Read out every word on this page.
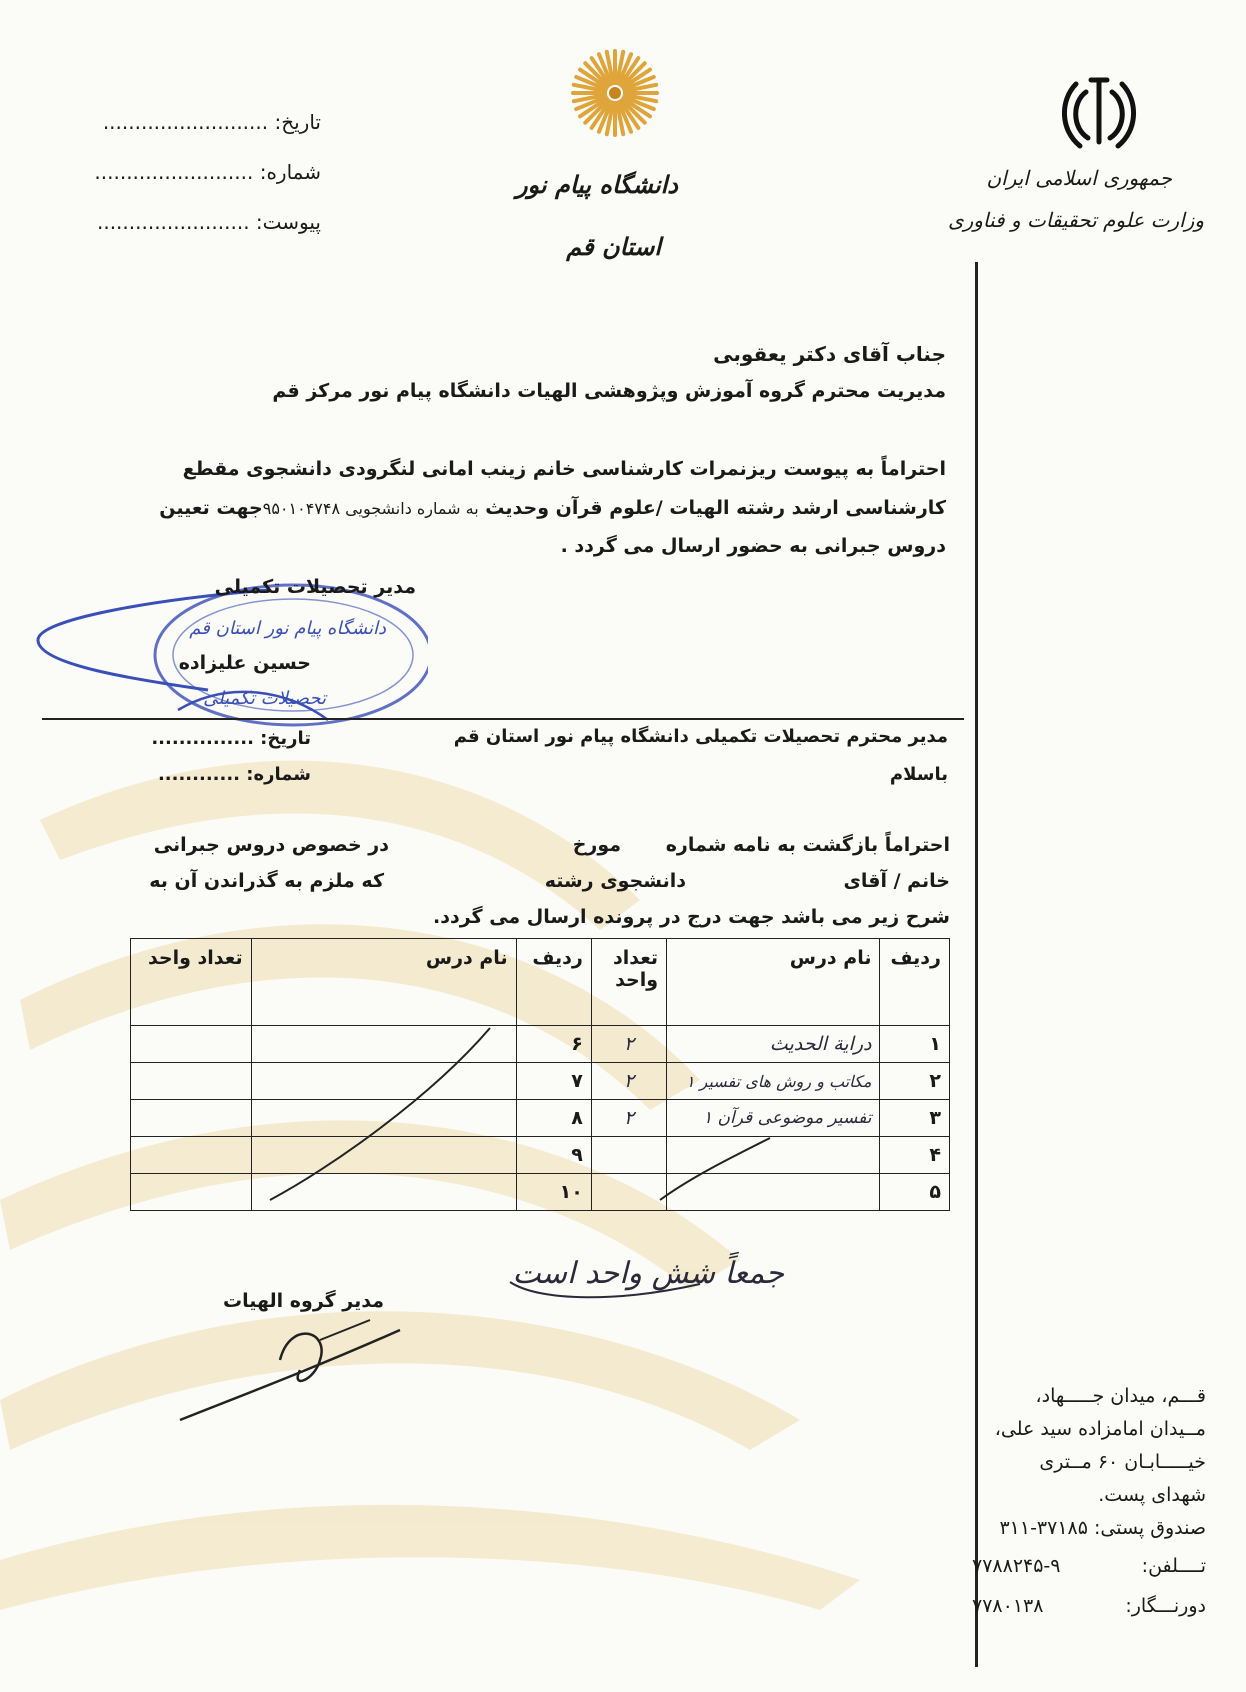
تاریخ: ..........................
شماره: .........................
پیوست: ........................
دانشگاه پیام نور
استان قم
جمهوری اسلامی ایران
وزارت علوم تحقیقات و فناوری
جناب آقای دکتر یعقوبی
مدیریت محترم گروه آموزش وپژوهشی الهیات دانشگاه پیام نور مرکز قم
احتراماً به پیوست ریزنمرات کارشناسی خانم زینب امانی لنگرودی دانشجوی مقطع
کارشناسی ارشد رشته الهیات /علوم قرآن وحدیث به شماره دانشجویی ۹۵۰۱۰۴۷۴۸جهت تعیین
دروس جبرانی به حضور ارسال می گردد .
مدیر تحصیلات تکمیلی
دانشگاه پیام نور استان قم
حسین علیزاده
تحصیلات تکمیلی
مدیر محترم تحصیلات تکمیلی دانشگاه پیام نور استان قم
باسلام
تاریخ: ...............
شماره: ............
احتراماً بازگشت به نامه شماره
مورخ
در خصوص دروس جبرانی
خانم / آقای
دانشجوی رشته
که ملزم به گذراندن آن به
شرح زیر می باشد جهت درج در پرونده ارسال می گردد.
ردیف	نام درس	تعداد واحد	ردیف	نام درس	تعداد واحد
۱	درایة الحدیث	۲	۶		
۲	مکاتب و روش های تفسیر ۱	۲	۷		
۳	تفسیر موضوعی قرآن ۱	۲	۸		
۴			۹		
۵			۱۰		
جمعاً شش واحد است
مدیر گروه الهیات
قـــم، میدان جـــــهاد،
مــیدان امامزاده سید علی،
خیـــــابـان ۶۰ مــتری
شهدای پست.
صندوق پستی: ۳۷۱۸۵-۳۱۱
تــــلفن:
۷۷۸۸۲۴۵-۹
دورنـــگار:
۷۷۸۰۱۳۸
